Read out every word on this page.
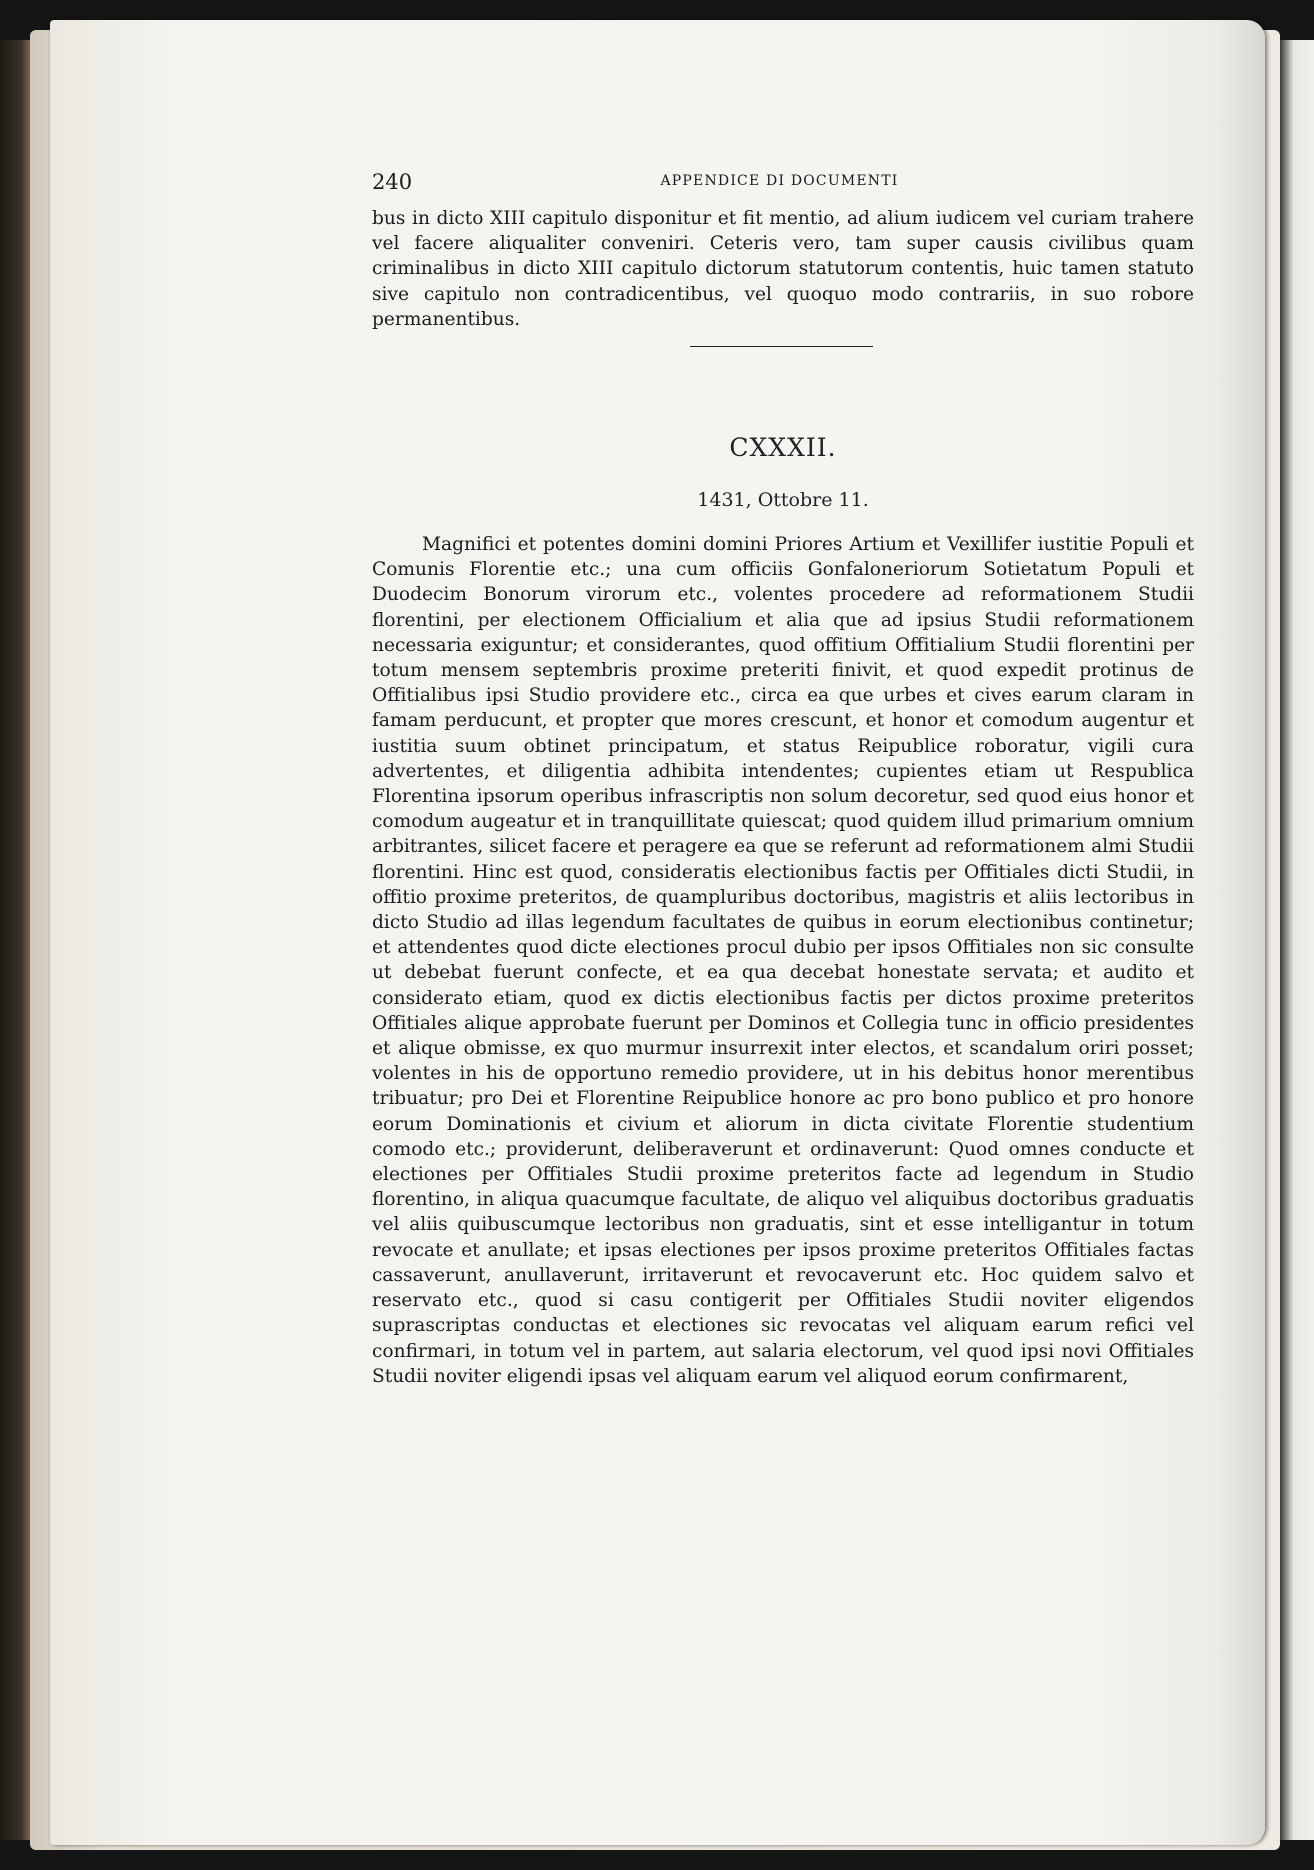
240	APPENDICE DI DOCUMENTI

bus in dicto XIII capitulo disponitur et fit mentio, ad alium iudicem vel curiam trahere vel facere aliqualiter conveniri. Ceteris vero, tam super causis civilibus quam criminalibus in dicto XIII capitulo dictorum statutorum contentis, huic tamen statuto sive capitulo non contradicentibus, vel quoquo modo contrariis, in suo robore permanentibus.

CXXXII.
1431, Ottobre 11.

Magnifici et potentes domini domini Priores Artium et Vexillifer iustitie Populi et Comunis Florentie etc.; una cum officiis Gonfaloneriorum Sotietatum Populi et Duodecim Bonorum virorum etc., volentes procedere ad reformationem Studii florentini, per electionem Officialium et alia que ad ipsius Studii reformationem necessaria exiguntur; et considerantes, quod offitium Offitialium Studii florentini per totum mensem septembris proxime preteriti finivit, et quod expedit protinus de Offitialibus ipsi Studio providere etc., circa ea que urbes et cives earum claram in famam perducunt, et propter que mores crescunt, et honor et comodum augentur et iustitia suum obtinet principatum, et status Reipublice roboratur, vigili cura advertentes, et diligentia adhibita intendentes; cupientes etiam ut Respublica Florentina ipsorum operibus infrascriptis non solum decoretur, sed quod eius honor et comodum augeatur et in tranquillitate quiescat; quod quidem illud primarium omnium arbitrantes, silicet facere et peragere ea que se referunt ad reformationem almi Studii florentini. Hinc est quod, consideratis electionibus factis per Offitiales dicti Studii, in offitio proxime preteritos, de quampluribus doctoribus, magistris et aliis lectoribus in dicto Studio ad illas legendum facultates de quibus in eorum electionibus continetur; et attendentes quod dicte electiones procul dubio per ipsos Offitiales non sic consulte ut debebat fuerunt confecte, et ea qua decebat honestate servata; et audito et considerato etiam, quod ex dictis electionibus factis per dictos proxime preteritos Offitiales alique approbate fuerunt per Dominos et Collegia tunc in officio presidentes et alique obmisse, ex quo murmur insurrexit inter electos, et scandalum oriri posset; volentes in his de opportuno remedio providere, ut in his debitus honor merentibus tribuatur; pro Dei et Florentine Reipublice honore ac pro bono publico et pro honore eorum Dominationis et civium et aliorum in dicta civitate Florentie studentium comodo etc.; providerunt, deliberaverunt et ordinaverunt: Quod omnes conducte et electiones per Offitiales Studii proxime preteritos facte ad legendum in Studio florentino, in aliqua quacumque facultate, de aliquo vel aliquibus doctoribus graduatis vel aliis quibuscumque lectoribus non graduatis, sint et esse intelligantur in totum revocate et anullate; et ipsas electiones per ipsos proxime preteritos Offitiales factas cassaverunt, anullaverunt, irritaverunt et revocaverunt etc. Hoc quidem salvo et reservato etc., quod si casu contigerit per Offitiales Studii noviter eligendos suprascriptas conductas et electiones sic revocatas vel aliquam earum refici vel confirmari, in totum vel in partem, aut salaria electorum, vel quod ipsi novi Offitiales Studii noviter eligendi ipsas vel aliquam earum vel aliquod eorum confirmarent,
